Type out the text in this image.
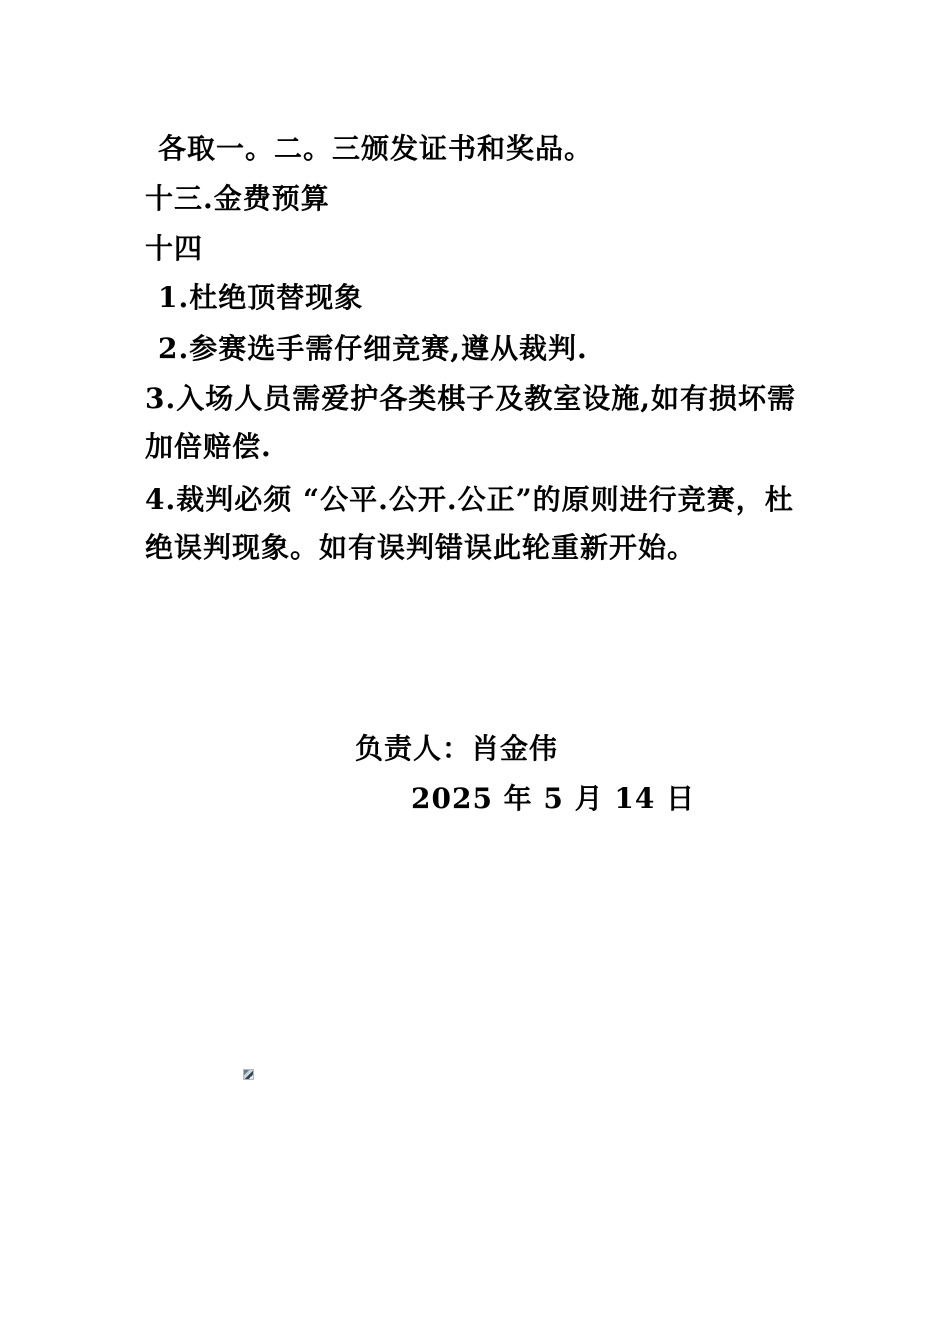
各取一。二。三颁发证书和奖品。
十三.金费预算
十四
1.杜绝顶替现象
2.参赛选手需仔细竞赛,遵从裁判.
3.入场人员需爱护各类棋子及教室设施,如有损坏需加倍赔偿.
4.裁判必须 “公平.公开.公正”的原则进行竞赛，杜绝误判现象。如有误判错误此轮重新开始。
负责人：肖金伟
2025 年 5 月 14 日
